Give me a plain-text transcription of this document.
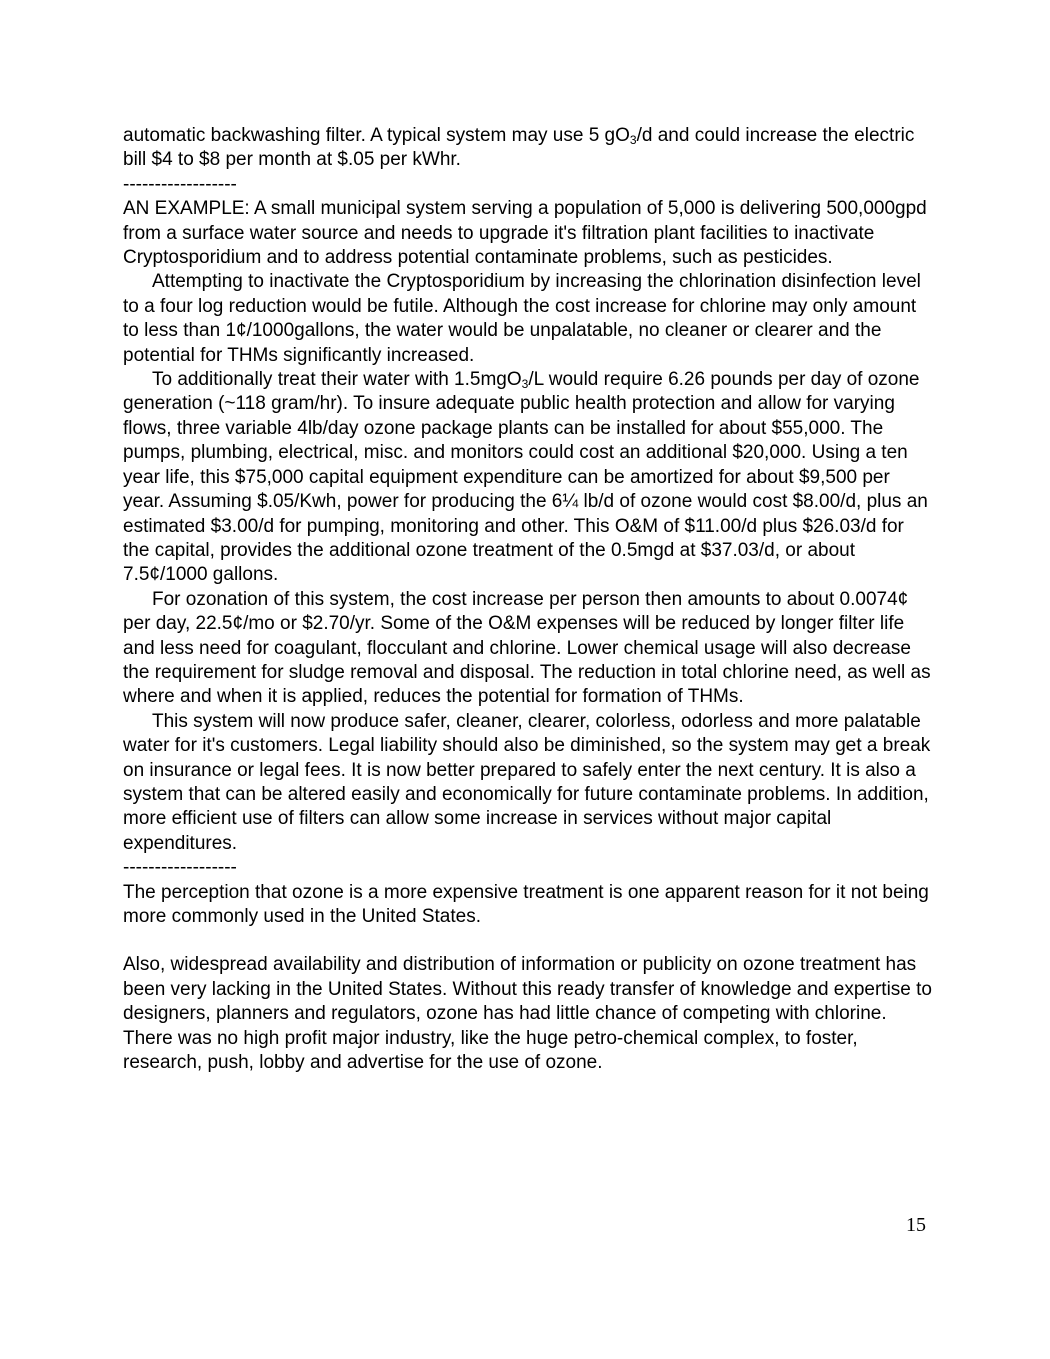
automatic backwashing filter. A typical system may use 5 $gO_3/d$ and could increase the electric bill $4 to $8 per month at $.05 per kWhr.

------------------

AN EXAMPLE: A small municipal system serving a population of 5,000 is delivering 500,000gpd from a surface water source and needs to upgrade it's filtration plant facilities to inactivate Cryptosporidium and to address potential contaminate problems, such as pesticides.

Attempting to inactivate the Cryptosporidium by increasing the chlorination disinfection level to a four log reduction would be futile. Although the cost increase for chlorine may only amount to less than 1¢/1000gallons, the water would be unpalatable, no cleaner or clearer and the potential for THMs significantly increased.

To additionally treat their water with 1.5mgO$_3$/L would require 6.26 pounds per day of ozone generation (~118 gram/hr). To insure adequate public health protection and allow for varying flows, three variable 4lb/day ozone package plants can be installed for about $55,000. The pumps, plumbing, electrical, misc. and monitors could cost an additional $20,000. Using a ten year life, this $75,000 capital equipment expenditure can be amortized for about $9,500 per year. Assuming $.05/Kwh, power for producing the 6¼ lb/d of ozone would cost $8.00/d, plus an estimated $3.00/d for pumping, monitoring and other. This O&M of $11.00/d plus $26.03/d for the capital, provides the additional ozone treatment of the 0.5mgd at $37.03/d, or about 7.5¢/1000 gallons.

For ozonation of this system, the cost increase per person then amounts to about 0.0074¢ per day, 22.5¢/mo or $2.70/yr. Some of the O&M expenses will be reduced by longer filter life and less need for coagulant, flocculant and chlorine. Lower chemical usage will also decrease the requirement for sludge removal and disposal. The reduction in total chlorine need, as well as where and when it is applied, reduces the potential for formation of THMs.

This system will now produce safer, cleaner, clearer, colorless, odorless and more palatable water for it's customers. Legal liability should also be diminished, so the system may get a break on insurance or legal fees. It is now better prepared to safely enter the next century. It is also a system that can be altered easily and economically for future contaminate problems. In addition, more efficient use of filters can allow some increase in services without major capital expenditures.

------------------

The perception that ozone is a more expensive treatment is one apparent reason for it not being more commonly used in the United States.

Also, widespread availability and distribution of information or publicity on ozone treatment has been very lacking in the United States. Without this ready transfer of knowledge and expertise to designers, planners and regulators, ozone has had little chance of competing with chlorine. There was no high profit major industry, like the huge petro-chemical complex, to foster, research, push, lobby and advertise for the use of ozone.

15
